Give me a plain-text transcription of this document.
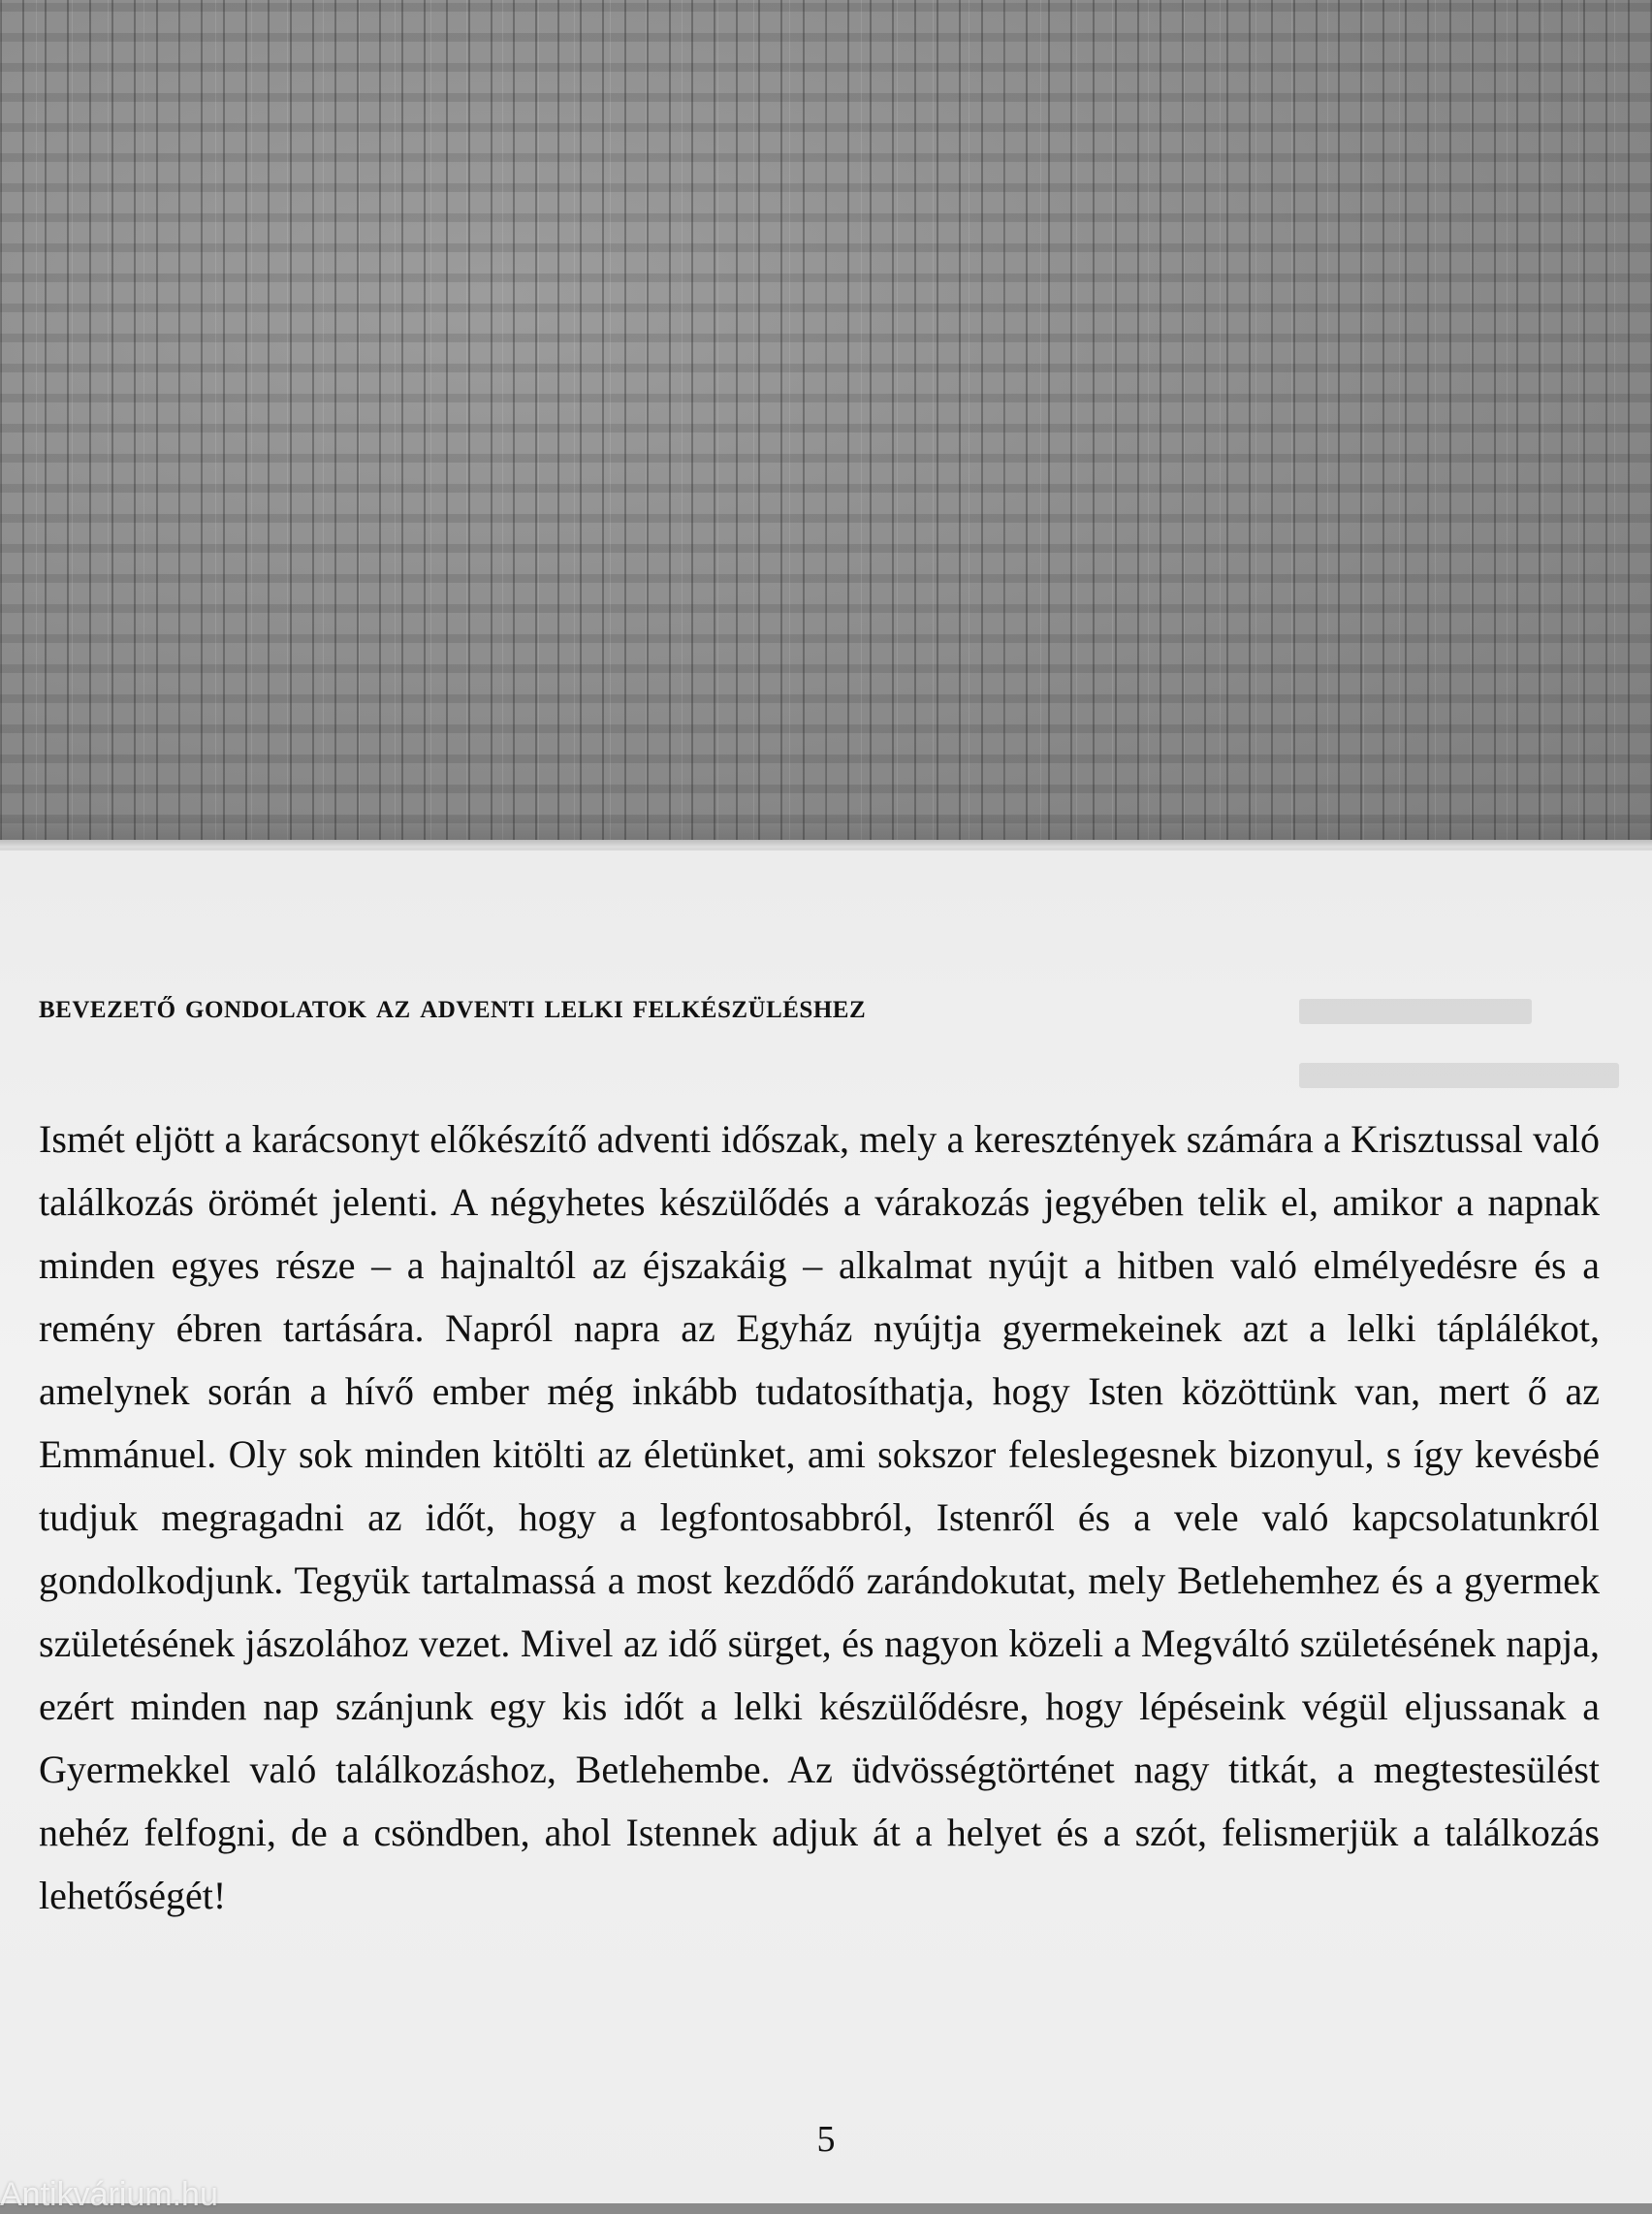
bevezető gondolatok az adventi lelki felkészüléshez

Ismét eljött a karácsonyt előkészítő adventi időszak, mely a keresztények számára a Krisztussal való találkozás örömét jelenti. A négyhetes készülődés a várakozás jegyében telik el, amikor a napnak minden egyes része – a hajnaltól az éjszakáig – alkalmat nyújt a hitben való elmélyedésre és a remény ébren tartására. Napról napra az Egyház nyújtja gyermekeinek azt a lelki táplálékot, amelynek során a hívő ember még inkább tudatosíthatja, hogy Isten közöttünk van, mert ő az Emmánuel. Oly sok minden kitölti az életünket, ami sokszor feleslegesnek bizonyul, s így kevésbé tudjuk megragadni az időt, hogy a legfontosabbról, Istenről és a vele való kapcsolatunkról gondolkodjunk. Tegyük tartalmassá a most kezdődő zarándokutat, mely Betlehemhez és a gyermek születésének jászolához vezet. Mivel az idő sürget, és nagyon közeli a Megváltó születésének napja, ezért minden nap szánjunk egy kis időt a lelki készülődésre, hogy lépéseink végül eljussanak a Gyermekkel való találkozáshoz, Betlehembe. Az üdvösségtörténet nagy titkát, a megtestesülést nehéz felfogni, de a csöndben, ahol Istennek adjuk át a helyet és a szót, felismerjük a találkozás lehetőségét!

5

Antikvárium.hu
